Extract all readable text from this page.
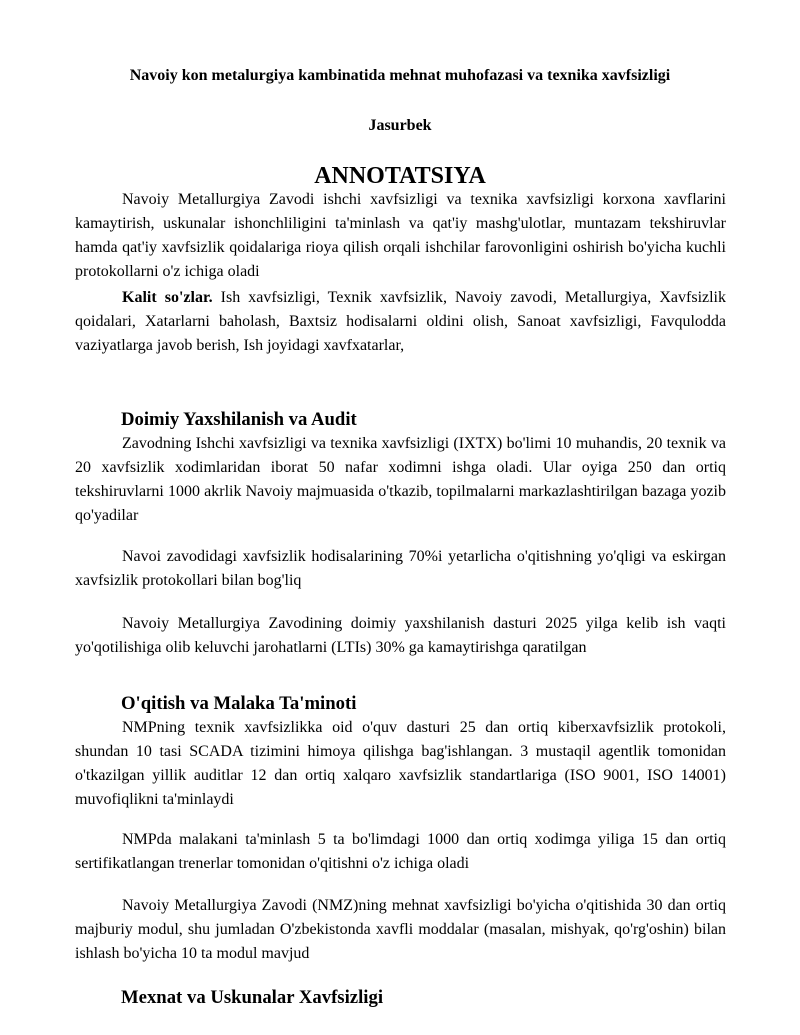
Navoiy kon metalurgiya kambinatida mehnat muhofazasi va texnika xavfsizligi

Jasurbek

ANNOTATSIYA

Navoiy Metallurgiya Zavodi ishchi xavfsizligi va texnika xavfsizligi korxona xavflarini kamaytirish, uskunalar ishonchliligini ta'minlash va qat'iy mashg'ulotlar, muntazam tekshiruvlar hamda qat'iy xavfsizlik qoidalariga rioya qilish orqali ishchilar farovonligini oshirish bo'yicha kuchli protokollarni o'z ichiga oladi

Kalit so'zlar. Ish xavfsizligi, Texnik xavfsizlik, Navoiy zavodi, Metallurgiya, Xavfsizlik qoidalari, Xatarlarni baholash, Baxtsiz hodisalarni oldini olish, Sanoat xavfsizligi, Favqulodda vaziyatlarga javob berish, Ish joyidagi xavfxatarlar,

Doimiy Yaxshilanish va Audit

Zavodning Ishchi xavfsizligi va texnika xavfsizligi (IXTX) bo'limi 10 muhandis, 20 texnik va 20 xavfsizlik xodimlaridan iborat 50 nafar xodimni ishga oladi. Ular oyiga 250 dan ortiq tekshiruvlarni 1000 akrlik Navoiy majmuasida o'tkazib, topilmalarni markazlashtirilgan bazaga yozib qo'yadilar

Navoi zavodidagi xavfsizlik hodisalarining 70%i yetarlicha o'qitishning yo'qligi va eskirgan xavfsizlik protokollari bilan bog'liq

Navoiy Metallurgiya Zavodining doimiy yaxshilanish dasturi 2025 yilga kelib ish vaqti yo'qotilishiga olib keluvchi jarohatlarni (LTIs) 30% ga kamaytirishga qaratilgan

O'qitish va Malaka Ta'minoti

NMPning texnik xavfsizlikka oid o'quv dasturi 25 dan ortiq kiberxavfsizlik protokoli, shundan 10 tasi SCADA tizimini himoya qilishga bag'ishlangan. 3 mustaqil agentlik tomonidan o'tkazilgan yillik auditlar 12 dan ortiq xalqaro xavfsizlik standartlariga (ISO 9001, ISO 14001) muvofiqlikni ta'minlaydi

NMPda malakani ta'minlash 5 ta bo'limdagi 1000 dan ortiq xodimga yiliga 15 dan ortiq sertifikatlangan trenerlar tomonidan o'qitishni o'z ichiga oladi

Navoiy Metallurgiya Zavodi (NMZ)ning mehnat xavfsizligi bo'yicha o'qitishida 30 dan ortiq majburiy modul, shu jumladan O'zbekistonda xavfli moddalar (masalan, mishyak, qo'rg'oshin) bilan ishlash bo'yicha 10 ta modul mavjud

Mexnat va Uskunalar Xavfsizligi
